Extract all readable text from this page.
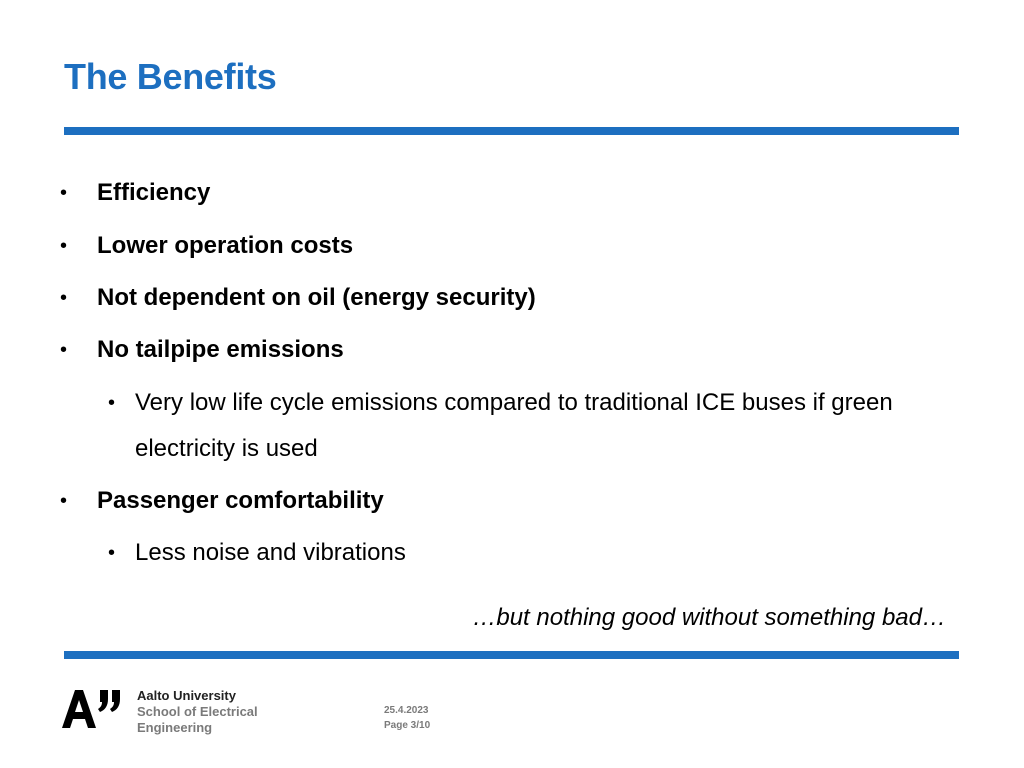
The Benefits
• Efficiency
• Lower operation costs
• Not dependent on oil (energy security)
• No tailpipe emissions
• Very low life cycle emissions compared to traditional ICE buses if green
electricity is used
• Passenger comfortability
• Less noise and vibrations
…but nothing good without something bad…
Aalto University
School of Electrical
Engineering
25.4.2023
Page 3/10
